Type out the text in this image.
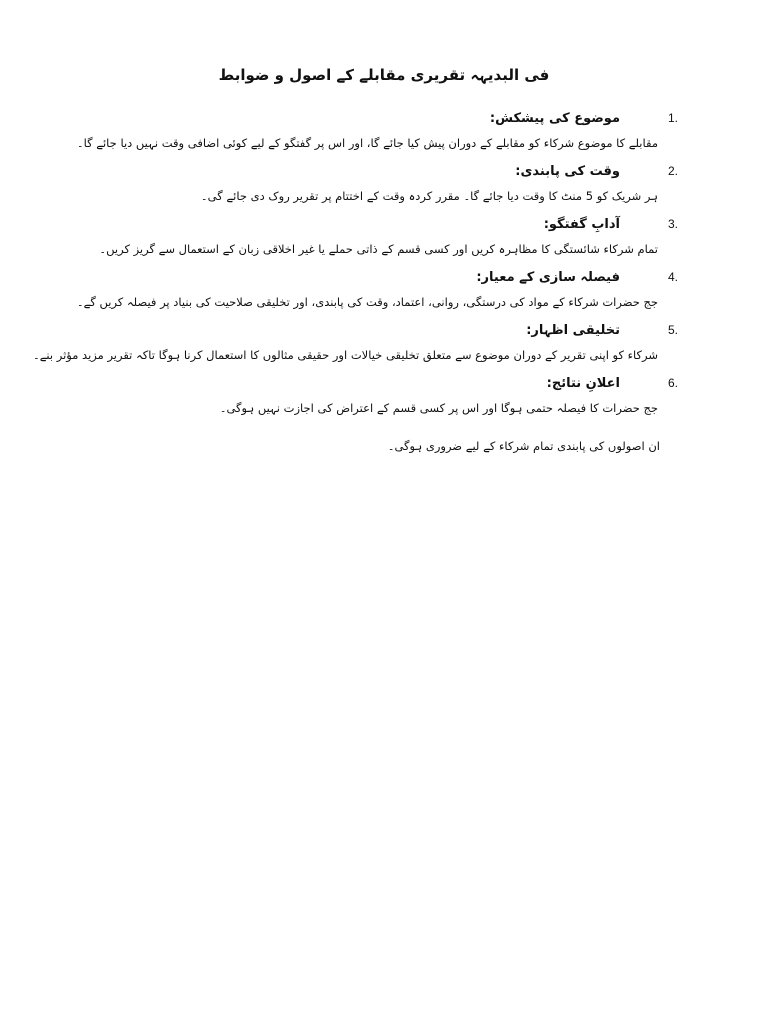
فی البدیہہ تقریری مقابلے کے اصول و ضوابط
موضوع کی پیشکش:	1.
مقابلے کا موضوع شرکاء کو مقابلے کے دوران پیش کیا جائے گا، اور اس پر گفتگو کے لیے کوئی اضافی وقت نہیں دیا جائے گا۔
وقت کی پابندی:	2.
ہر شریک کو 5 منٹ کا وقت دیا جائے گا۔ مقرر کردہ وقت کے اختتام پر تقریر روک دی جائے گی۔
آدابِ گفتگو:	3.
تمام شرکاء شائستگی کا مظاہرہ کریں اور کسی قسم کے ذاتی حملے یا غیر اخلاقی زبان کے استعمال سے گریز کریں۔
فیصلہ سازی کے معیار:	4.
جج حضرات شرکاء کے مواد کی درستگی، روانی، اعتماد، وقت کی پابندی، اور تخلیقی صلاحیت کی بنیاد پر فیصلہ کریں گے۔
تخلیقی اظہار:	5.
شرکاء کو اپنی تقریر کے دوران موضوع سے متعلق تخلیقی خیالات اور حقیقی مثالوں کا استعمال کرنا ہوگا تاکہ تقریر مزید مؤثر بنے۔
اعلانِ نتائج:	6.
جج حضرات کا فیصلہ حتمی ہوگا اور اس پر کسی قسم کے اعتراض کی اجازت نہیں ہوگی۔
ان اصولوں کی پابندی تمام شرکاء کے لیے ضروری ہوگی۔
